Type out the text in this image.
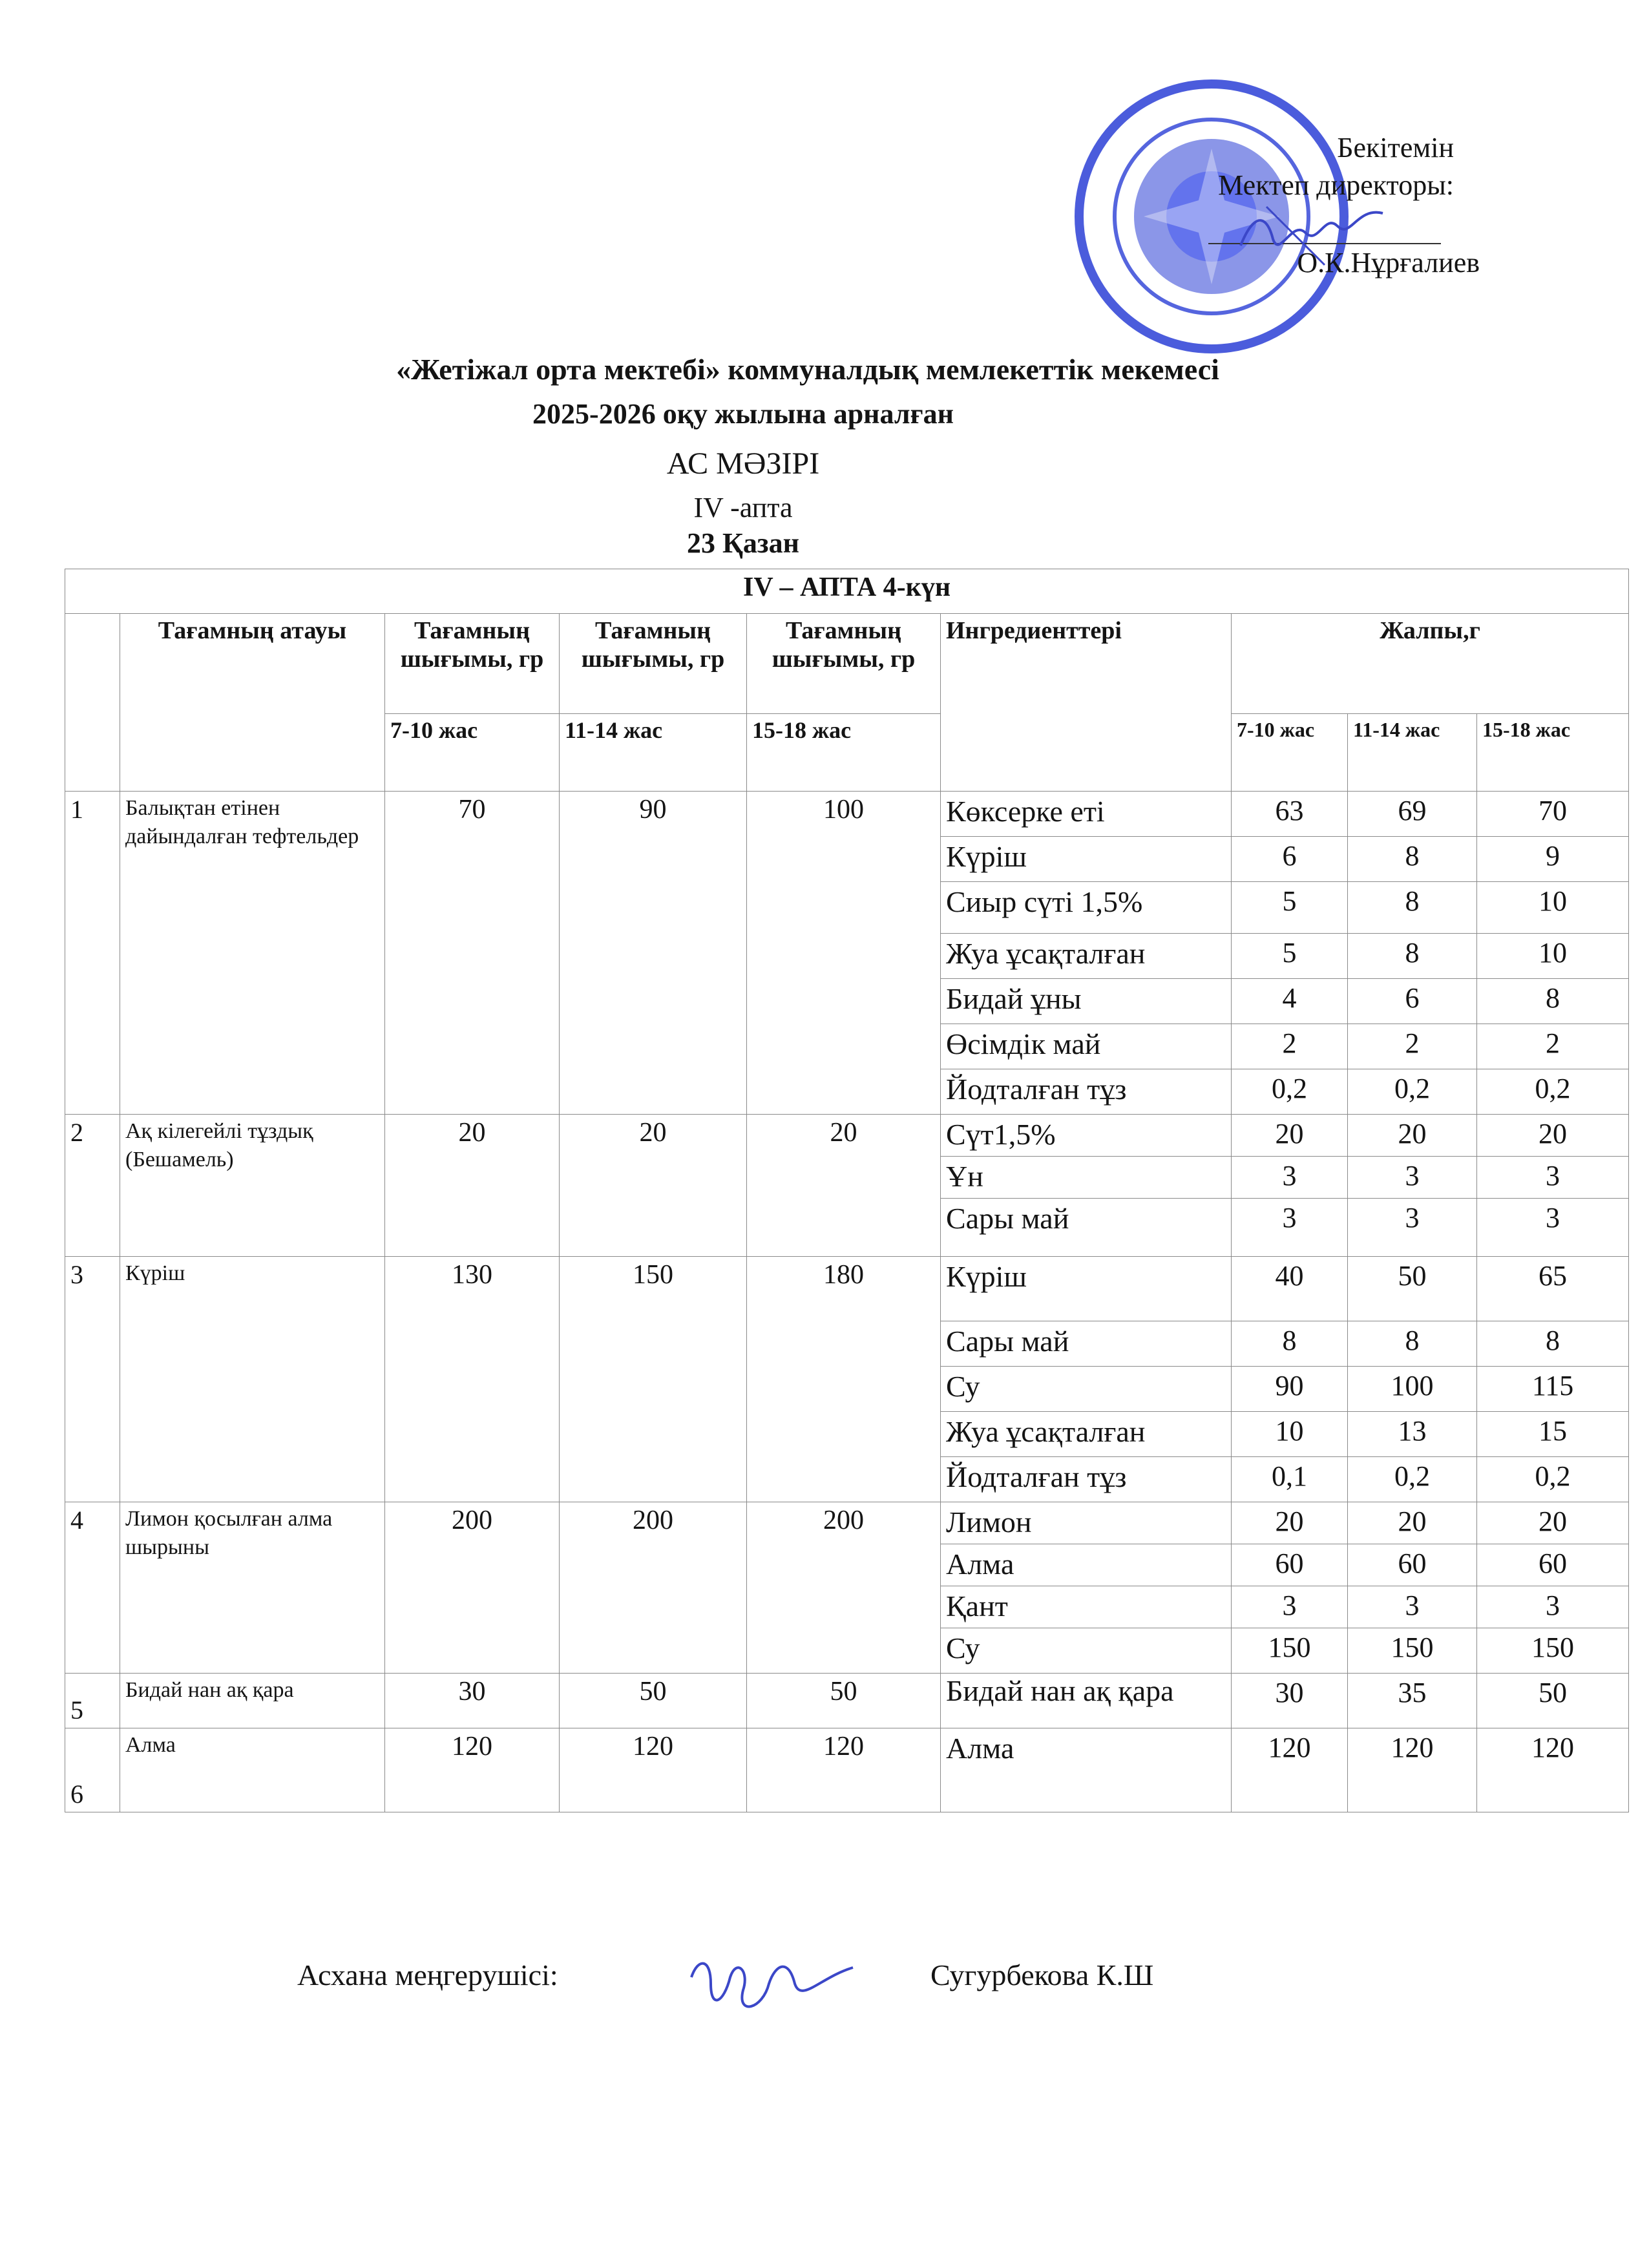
Бекітемін
Мектеп директоры:
О.К.Нұрғалиев
«Жетіжал орта мектебі» коммуналдық мемлекеттік мекемесі
2025-2026 оқу жылына арналған
АС МӘЗІРІ
IV -апта
23 Қазан
IV – АПТА 4-күн								
	Тағамның атауы	Тағамның шығымы, гр	Тағамның шығымы, гр	Тағамның шығымы, гр	Ингредиенттері	Жалпы,г		
		7-10 жас	11-14 жас	15-18 жас		7-10 жас	11-14 жас	15-18 жас
1	Балықтан етінен дайындалған тефтельдер	70	90	100	Көксерке еті	63	69	70
					Күріш	6	8	9
					Сиыр сүті 1,5%	5	8	10
					Жуа ұсақталған	5	8	10
					Бидай ұны	4	6	8
					Өсімдік май	2	2	2
					Йодталған тұз	0,2	0,2	0,2
2	Ақ кілегейлі тұздық (Бешамель)	20	20	20	Сүт1,5%	20	20	20
					Ұн	3	3	3
					Сары май	3	3	3
3	Күріш	130	150	180	Күріш	40	50	65
					Сары май	8	8	8
					Су	90	100	115
					Жуа ұсақталған	10	13	15
					Йодталған тұз	0,1	0,2	0,2
4	Лимон қосылған алма шырыны	200	200	200	Лимон	20	20	20
					Алма	60	60	60
					Қант	3	3	3
					Су	150	150	150
5	Бидай нан ақ қара	30	50	50	Бидай нан ақ қара	30	35	50
6	Алма	120	120	120	Алма	120	120	120
Асхана меңгерушісі:	Сугурбекова К.Ш
